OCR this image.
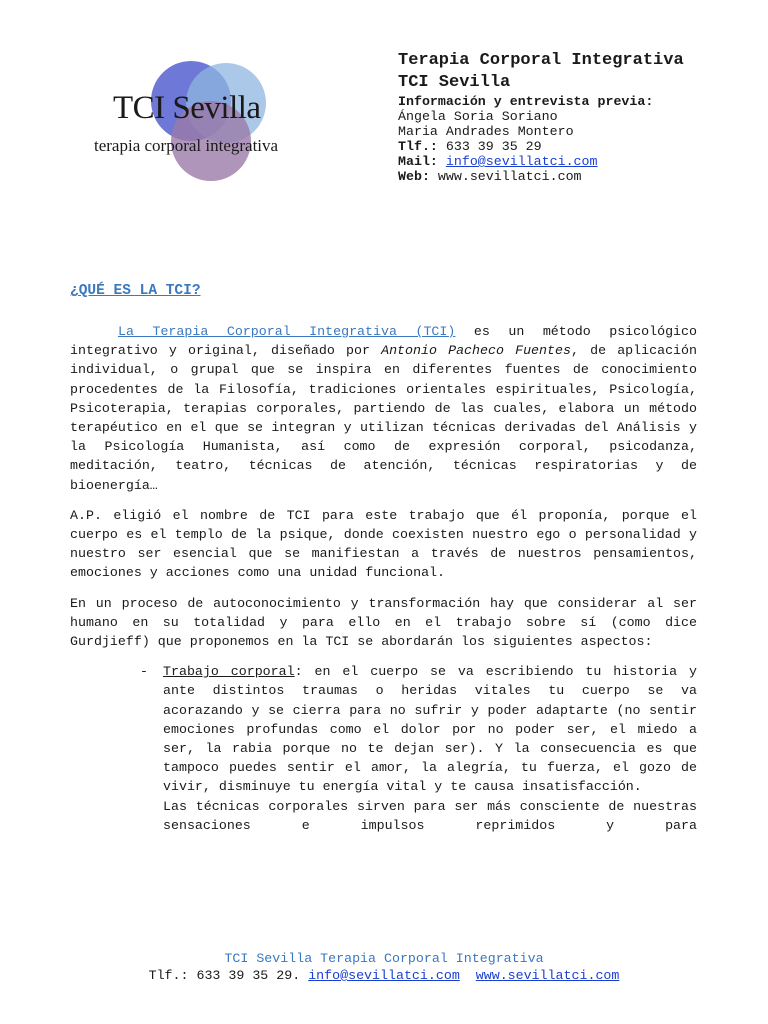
TCI Sevilla
terapia corporal integrativa
Terapia Corporal Integrativa
TCI Sevilla
Información y entrevista previa:
Ángela Soria Soriano
Maria Andrades Montero
Tlf.: 633 39 35 29
Mail: info@sevillatci.com
Web: www.sevillatci.com
¿QUÉ ES LA TCI?

La Terapia Corporal Integrativa (TCI) es un método psicológico integrativo y original, diseñado por Antonio Pacheco Fuentes, de aplicación individual, o grupal que se inspira en diferentes fuentes de conocimiento procedentes de la Filosofía, tradiciones orientales espirituales, Psicología, Psicoterapia, terapias corporales, partiendo de las cuales, elabora un método terapéutico en el que se integran y utilizan técnicas derivadas del Análisis y la Psicología Humanista, así como de expresión corporal, psicodanza, meditación, teatro, técnicas de atención, técnicas respiratorias y de bioenergía…

A.P. eligió el nombre de TCI para este trabajo que él proponía, porque el cuerpo es el templo de la psique, donde coexisten nuestro ego o personalidad y nuestro ser esencial que se manifiestan a través de nuestros pensamientos, emociones y acciones como una unidad funcional.

En un proceso de autoconocimiento y transformación hay que considerar al ser humano en su totalidad y para ello en el trabajo sobre sí (como dice Gurdjieff) que proponemos en la TCI se abordarán los siguientes aspectos:

- Trabajo corporal: en el cuerpo se va escribiendo tu historia y ante distintos traumas o heridas vitales tu cuerpo se va acorazando y se cierra para no sufrir y poder adaptarte (no sentir emociones profundas como el dolor por no poder ser, el miedo a ser, la rabia porque no te dejan ser). Y la consecuencia es que tampoco puedes sentir el amor, la alegría, tu fuerza, el gozo de vivir, disminuye tu energía vital y te causa insatisfacción.
Las técnicas corporales sirven para ser más consciente de nuestras sensaciones e impulsos reprimidos y para
TCI Sevilla Terapia Corporal Integrativa
Tlf.: 633 39 35 29. info@sevillatci.com www.sevillatci.com
